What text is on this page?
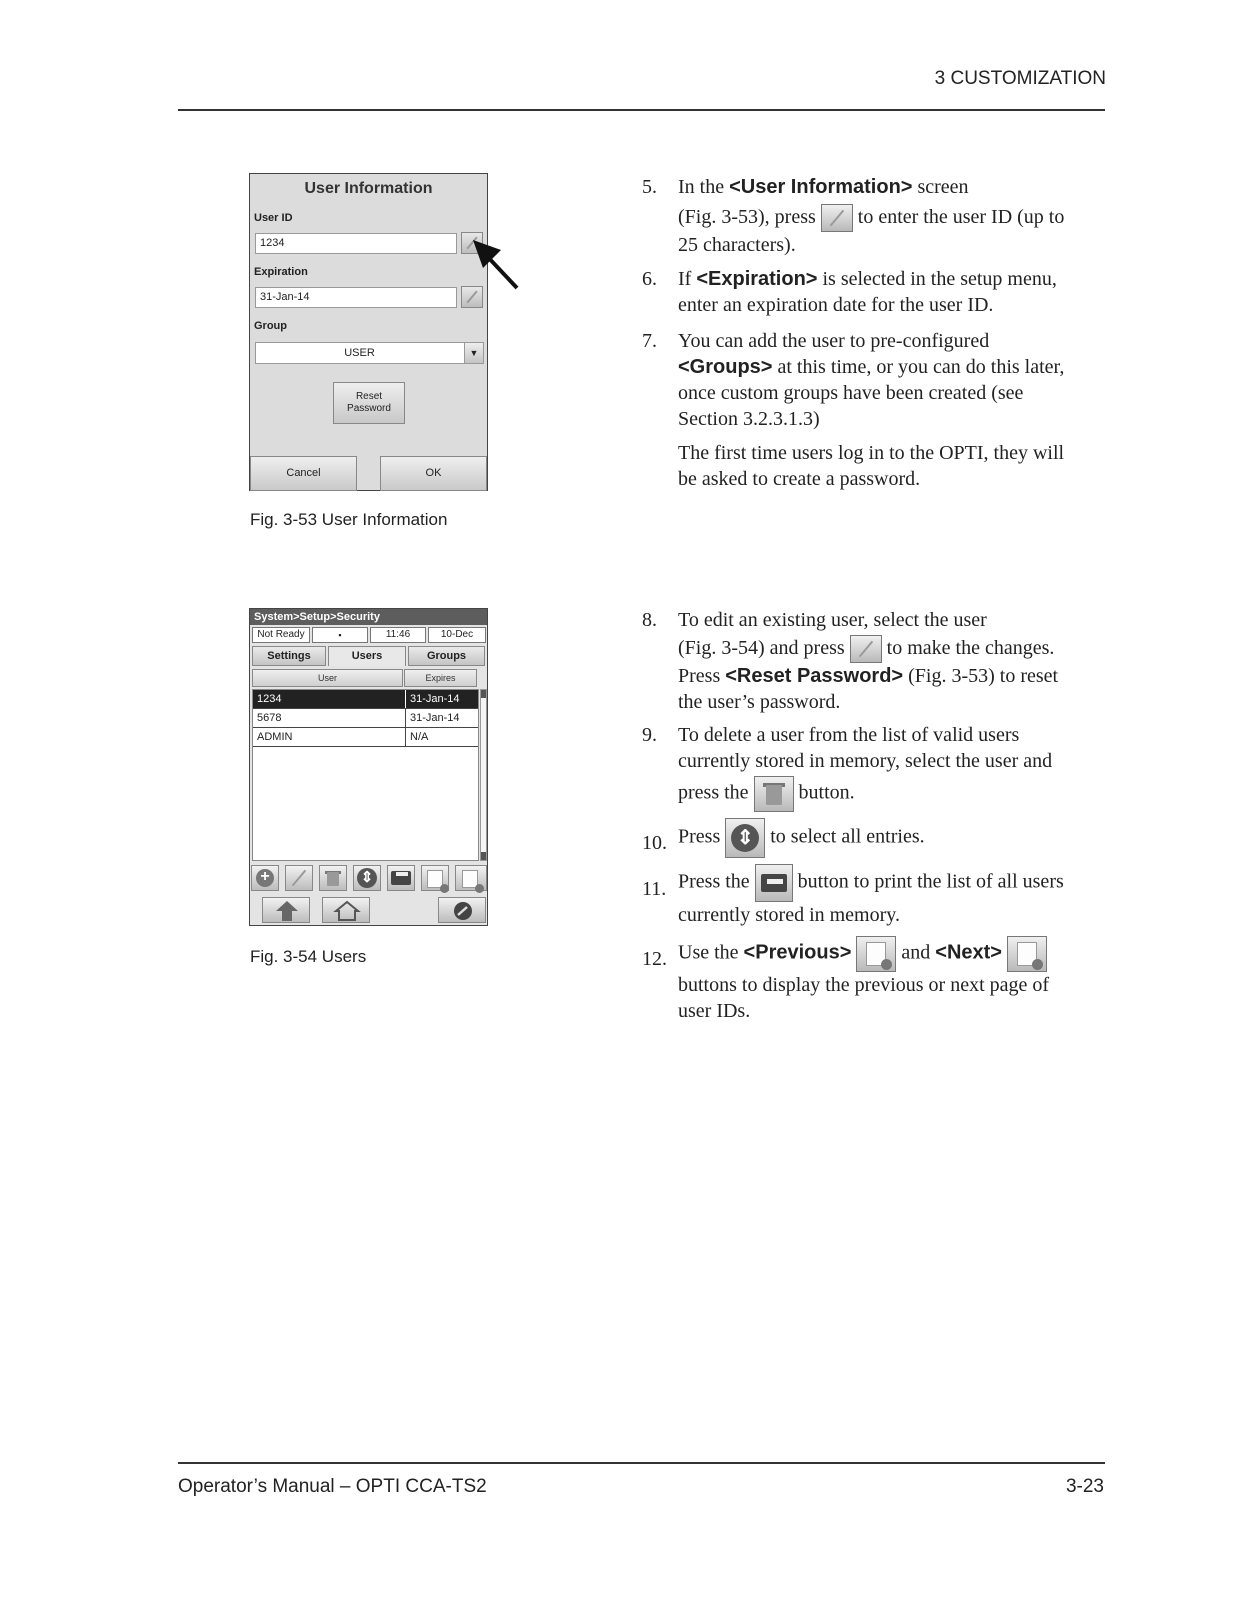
3 CUSTOMIZATION
User Information
User ID
1234
Expiration
31-Jan-14
Group
USER	▼
Reset
Password
Cancel	OK
Fig. 3-53 User Information
System>Setup>Security
Not Ready	▪	11:46	10-Dec
Settings	Users	Groups
User	Expires
1234	31-Jan-14
5678	31-Jan-14
ADMIN	N/A
+	⇕
Fig. 3-54 Users
5. In the <User Information> screen
(Fig. 3-53), press
to enter the user ID (up to
25 characters).
6. If <Expiration> is selected in the setup menu,
enter an expiration date for the user ID.
7. You can add the user to pre-configured
<Groups> at this time, or you can do this later,
once custom groups have been created (see
Section 3.2.3.1.3)
The first time users log in to the OPTI, they will
be asked to create a password.
8. To edit an existing user, select the user
(Fig. 3-54) and press
to make the changes.
Press <Reset Password> (Fig. 3-53) to reset
the user’s password.
9. To delete a user from the list of valid users
currently stored in memory, select the user and
press the
button.
10. Press ⇕ to select all entries.
11. Press the
button to print the list of all users
currently stored in memory.
12. Use the <Previous>
and <Next>
buttons to display the previous or next page of
user IDs.
Operator’s Manual – OPTI CCA-TS2	3-23
